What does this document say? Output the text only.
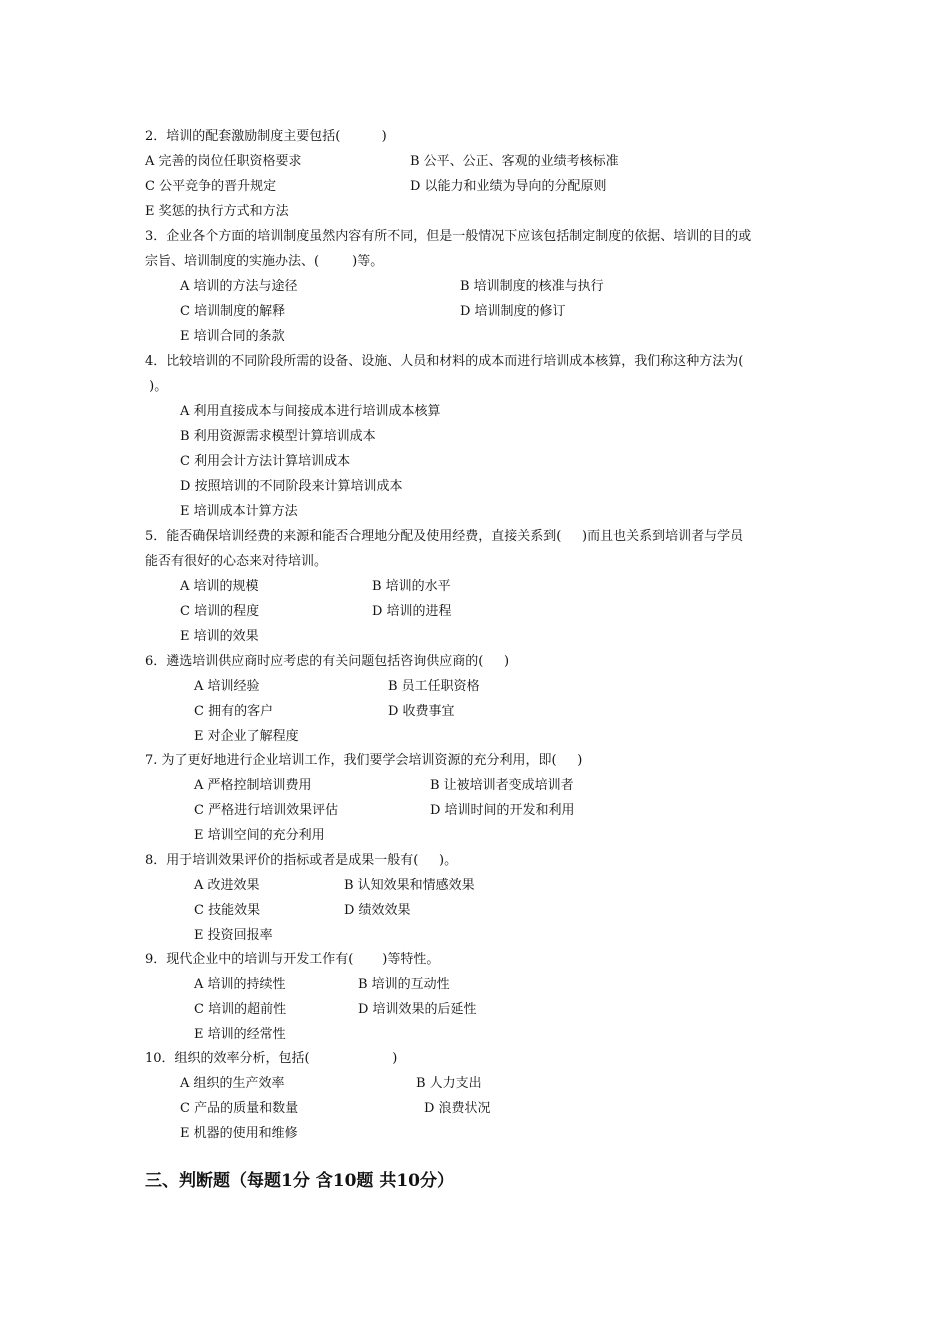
2．培训的配套激励制度主要包括(          )
A 完善的岗位任职资格要求	B 公平、公正、客观的业绩考核标准
C 公平竞争的晋升规定	D 以能力和业绩为导向的分配原则
E 奖惩的执行方式和方法
3．企业各个方面的培训制度虽然内容有所不同，但是一般情况下应该包括制定制度的依据、培训的目的或
宗旨、培训制度的实施办法、(        )等。
A 培训的方法与途径	B 培训制度的核准与执行
C 培训制度的解释	D 培训制度的修订
E 培训合同的条款
4．比较培训的不同阶段所需的设备、设施、人员和材料的成本而进行培训成本核算，我们称这种方法为(
)。
A 利用直接成本与间接成本进行培训成本核算
B 利用资源需求模型计算培训成本
C 利用会计方法计算培训成本
D 按照培训的不同阶段来计算培训成本
E 培训成本计算方法
5．能否确保培训经费的来源和能否合理地分配及使用经费，直接关系到(     )而且也关系到培训者与学员
能否有很好的心态来对待培训。
A 培训的规模	B 培训的水平
C 培训的程度	D 培训的进程
E 培训的效果
6．遴选培训供应商时应考虑的有关问题包括咨询供应商的(     )
A 培训经验	B 员工任职资格
C 拥有的客户	D 收费事宜
E 对企业了解程度
7. 为了更好地进行企业培训工作，我们要学会培训资源的充分利用，即(     )
A 严格控制培训费用	B 让被培训者变成培训者
C 严格进行培训效果评估	D 培训时间的开发和利用
E 培训空间的充分利用
8．用于培训效果评价的指标或者是成果一般有(     )。
A 改进效果	B 认知效果和情感效果
C 技能效果	D 绩效效果
E 投资回报率
9．现代企业中的培训与开发工作有(       )等特性。
A 培训的持续性	B 培训的互动性
C 培训的超前性	D 培训效果的后延性
E 培训的经常性
10．组织的效率分析，包括(                    )
A 组织的生产效率	B 人力支出
C 产品的质量和数量	D 浪费状况
E 机器的使用和维修
三、判断题（每题1分 含10题 共10分）
